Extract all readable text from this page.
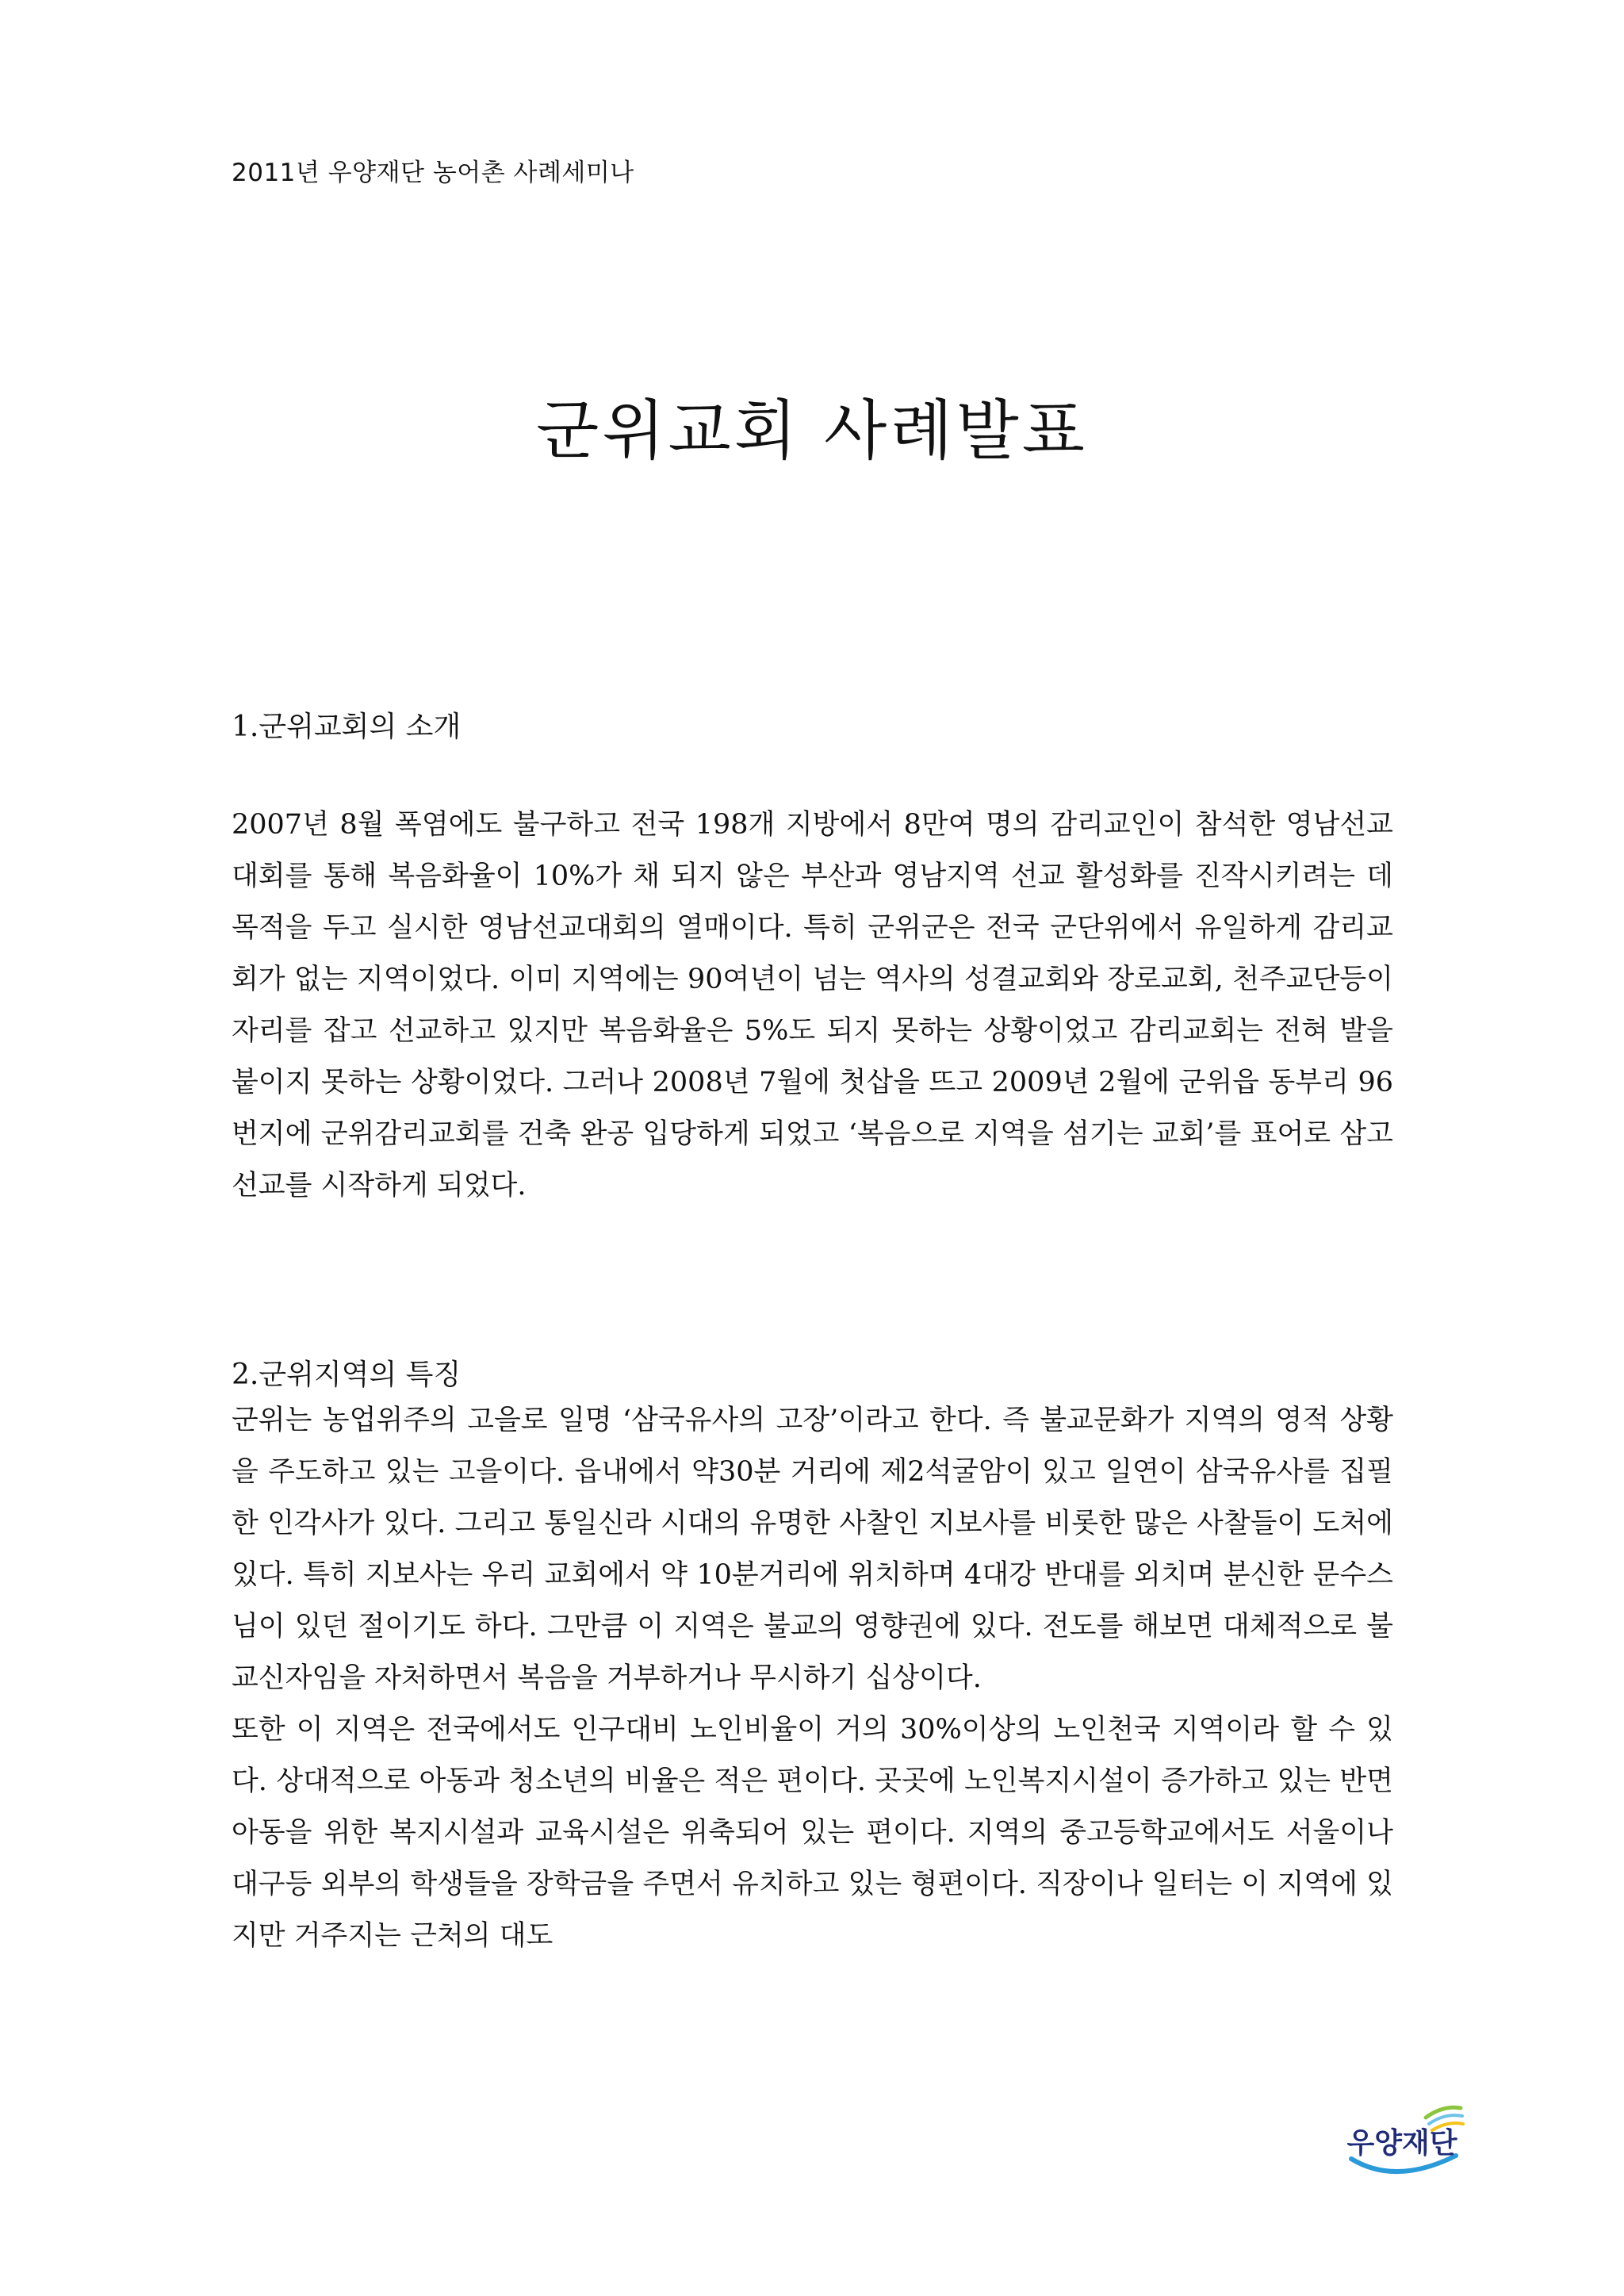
2011년 우양재단 농어촌 사례세미나
군위교회 사례발표
1.군위교회의 소개

2007년 8월 폭염에도 불구하고 전국 198개 지방에서 8만여 명의 감리교인이 참석한 영남선교대회를 통해 복음화율이 10%가 채 되지 않은 부산과 영남지역 선교 활성화를 진작시키려는 데 목적을 두고 실시한 영남선교대회의 열매이다. 특히 군위군은 전국 군단위에서 유일하게 감리교회가 없는 지역이었다. 이미 지역에는 90여년이 넘는 역사의 성결교회와 장로교회, 천주교단등이 자리를 잡고 선교하고 있지만 복음화율은 5%도 되지 못하는 상황이었고 감리교회는 전혀 발을 붙이지 못하는 상황이었다. 그러나 2008년 7월에 첫삽을 뜨고 2009년 2월에 군위읍 동부리 96번지에 군위감리교회를 건축 완공 입당하게 되었고 ‘복음으로 지역을 섬기는 교회’를 표어로 삼고 선교를 시작하게 되었다.

2.군위지역의 특징

군위는 농업위주의 고을로 일명 ‘삼국유사의 고장’이라고 한다. 즉 불교문화가 지역의 영적 상황을 주도하고 있는 고을이다. 읍내에서 약30분 거리에 제2석굴암이 있고 일연이 삼국유사를 집필한 인각사가 있다. 그리고 통일신라 시대의 유명한 사찰인 지보사를 비롯한 많은 사찰들이 도처에 있다. 특히 지보사는 우리 교회에서 약 10분거리에 위치하며 4대강 반대를 외치며 분신한 문수스님이 있던 절이기도 하다. 그만큼 이 지역은 불교의 영향권에 있다. 전도를 해보면 대체적으로 불교신자임을 자처하면서 복음을 거부하거나 무시하기 십상이다.

또한 이 지역은 전국에서도 인구대비 노인비율이 거의 30%이상의 노인천국 지역이라 할 수 있다. 상대적으로 아동과 청소년의 비율은 적은 편이다. 곳곳에 노인복지시설이 증가하고 있는 반면 아동을 위한 복지시설과 교육시설은 위축되어 있는 편이다. 지역의 중고등학교에서도 서울이나 대구등 외부의 학생들을 장학금을 주면서 유치하고 있는 형편이다. 직장이나 일터는 이 지역에 있지만 거주지는 근처의 대도

우양재단
